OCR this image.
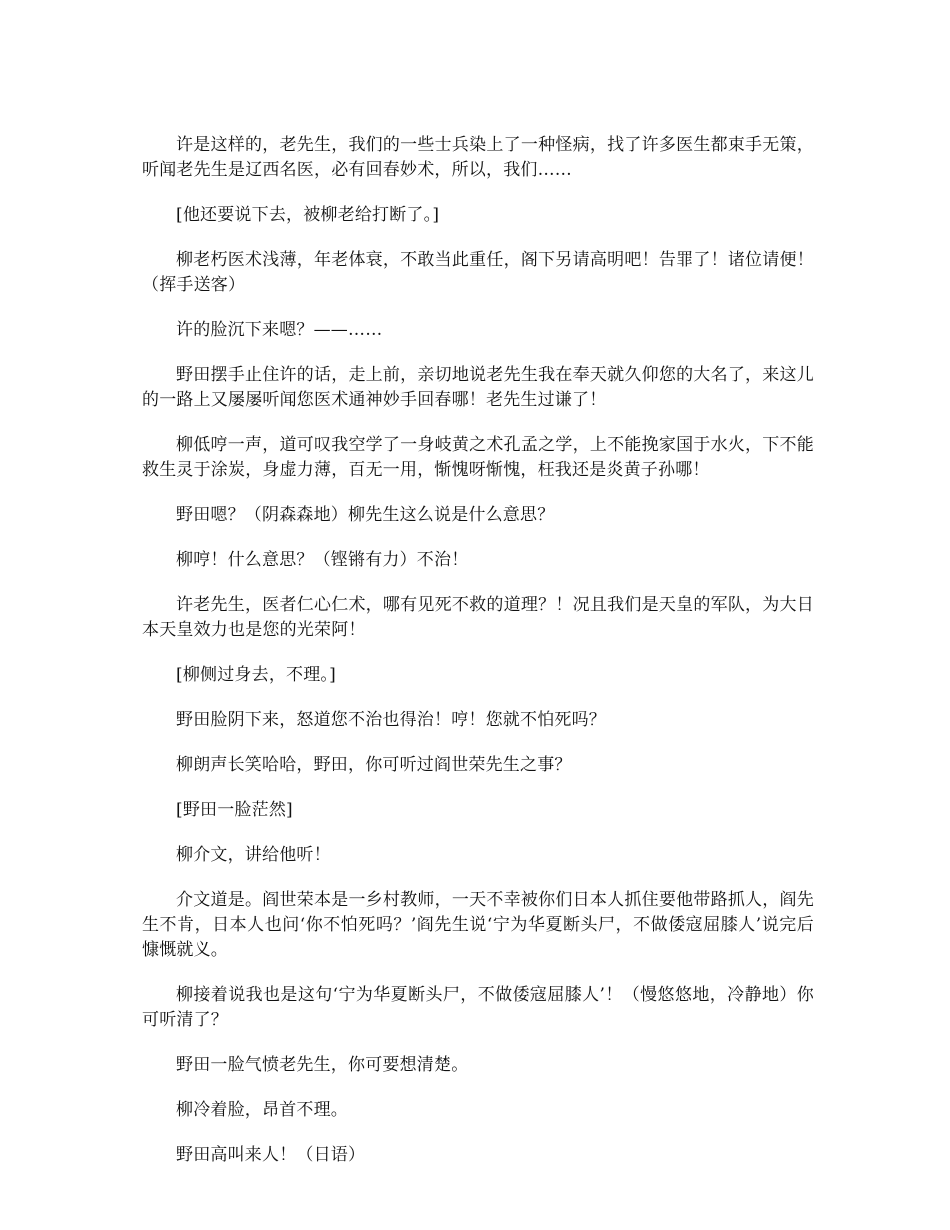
许是这样的，老先生，我们的一些士兵染上了一种怪病，找了许多医生都束手无策，听闻老先生是辽西名医，必有回春妙术，所以，我们……

[他还要说下去，被柳老给打断了。]

柳老朽医术浅薄，年老体衰，不敢当此重任，阁下另请高明吧！告罪了！诸位请便！（挥手送客）

许的脸沉下来嗯？——……

野田摆手止住许的话，走上前，亲切地说老先生我在奉天就久仰您的大名了，来这儿的一路上又屡屡听闻您医术通神妙手回春哪！老先生过谦了！

柳低哼一声，道可叹我空学了一身岐黄之术孔孟之学，上不能挽家国于水火，下不能救生灵于涂炭，身虚力薄，百无一用，惭愧呀惭愧，枉我还是炎黄子孙哪！

野田嗯？（阴森森地）柳先生这么说是什么意思？

柳哼！什么意思？（铿锵有力）不治！

许老先生，医者仁心仁术，哪有见死不救的道理？！况且我们是天皇的军队，为大日本天皇效力也是您的光荣阿！

[柳侧过身去，不理。]

野田脸阴下来，怒道您不治也得治！哼！您就不怕死吗？

柳朗声长笑哈哈，野田，你可听过阎世荣先生之事？

[野田一脸茫然]

柳介文，讲给他听！

介文道是。阎世荣本是一乡村教师，一天不幸被你们日本人抓住要他带路抓人，阎先生不肯，日本人也问‘你不怕死吗？’阎先生说‘宁为华夏断头尸，不做倭寇屈膝人’说完后慷慨就义。

柳接着说我也是这句‘宁为华夏断头尸，不做倭寇屈膝人’！（慢悠悠地，冷静地）你可听清了？

野田一脸气愤老先生，你可要想清楚。

柳冷着脸，昂首不理。

野田高叫来人！（日语）
